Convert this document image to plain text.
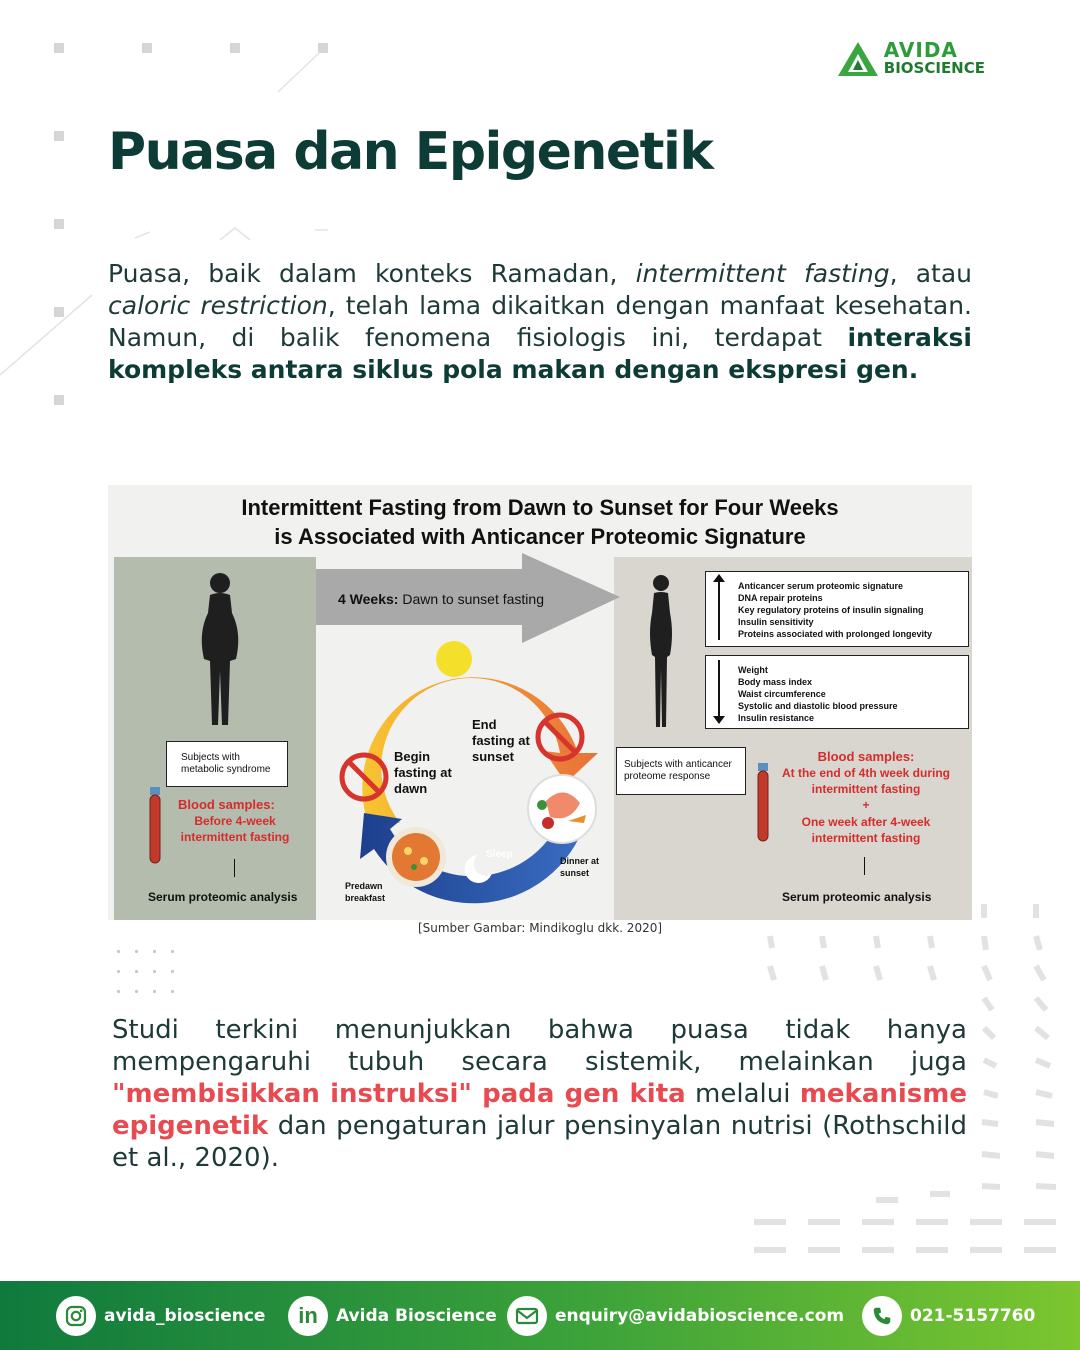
AVIDA
BIOSCIENCE
Puasa dan Epigenetik
Puasa, baik dalam konteks Ramadan, intermittent fasting, atau caloric restriction, telah lama dikaitkan dengan manfaat kesehatan. Namun, di balik fenomena fisiologis ini, terdapat interaksi kompleks antara siklus pola makan dengan ekspresi gen.
Intermittent Fasting from Dawn to Sunset for Four Weeks
is Associated with Anticancer Proteomic Signature
4 Weeks: Dawn to sunset fasting
Subjects with metabolic syndrome
Blood samples:
Before 4-week intermittent fasting
Serum proteomic analysis
Begin fasting at dawn
End fasting at sunset
Sleep
Predawn breakfast
Dinner at sunset
Subjects with anticancer proteome response
Anticancer serum proteomic signature
DNA repair proteins
Key regulatory proteins of insulin signaling
Insulin sensitivity
Proteins associated with prolonged longevity
Weight
Body mass index
Waist circumference
Systolic and diastolic blood pressure
Insulin resistance
Blood samples:
At the end of 4th week during intermittent fasting
+
One week after 4-week intermittent fasting
Serum proteomic analysis
[Sumber Gambar: Mindikoglu dkk. 2020]
Studi terkini menunjukkan bahwa puasa tidak hanya mempengaruhi tubuh secara sistemik, melainkan juga "membisikkan instruksi" pada gen kita melalui mekanisme epigenetik dan pengaturan jalur pensinyalan nutrisi (Rothschild et al., 2020).
avida_bioscience	in	Avida Bioscience	enquiry@avidabioscience.com	021-5157760
